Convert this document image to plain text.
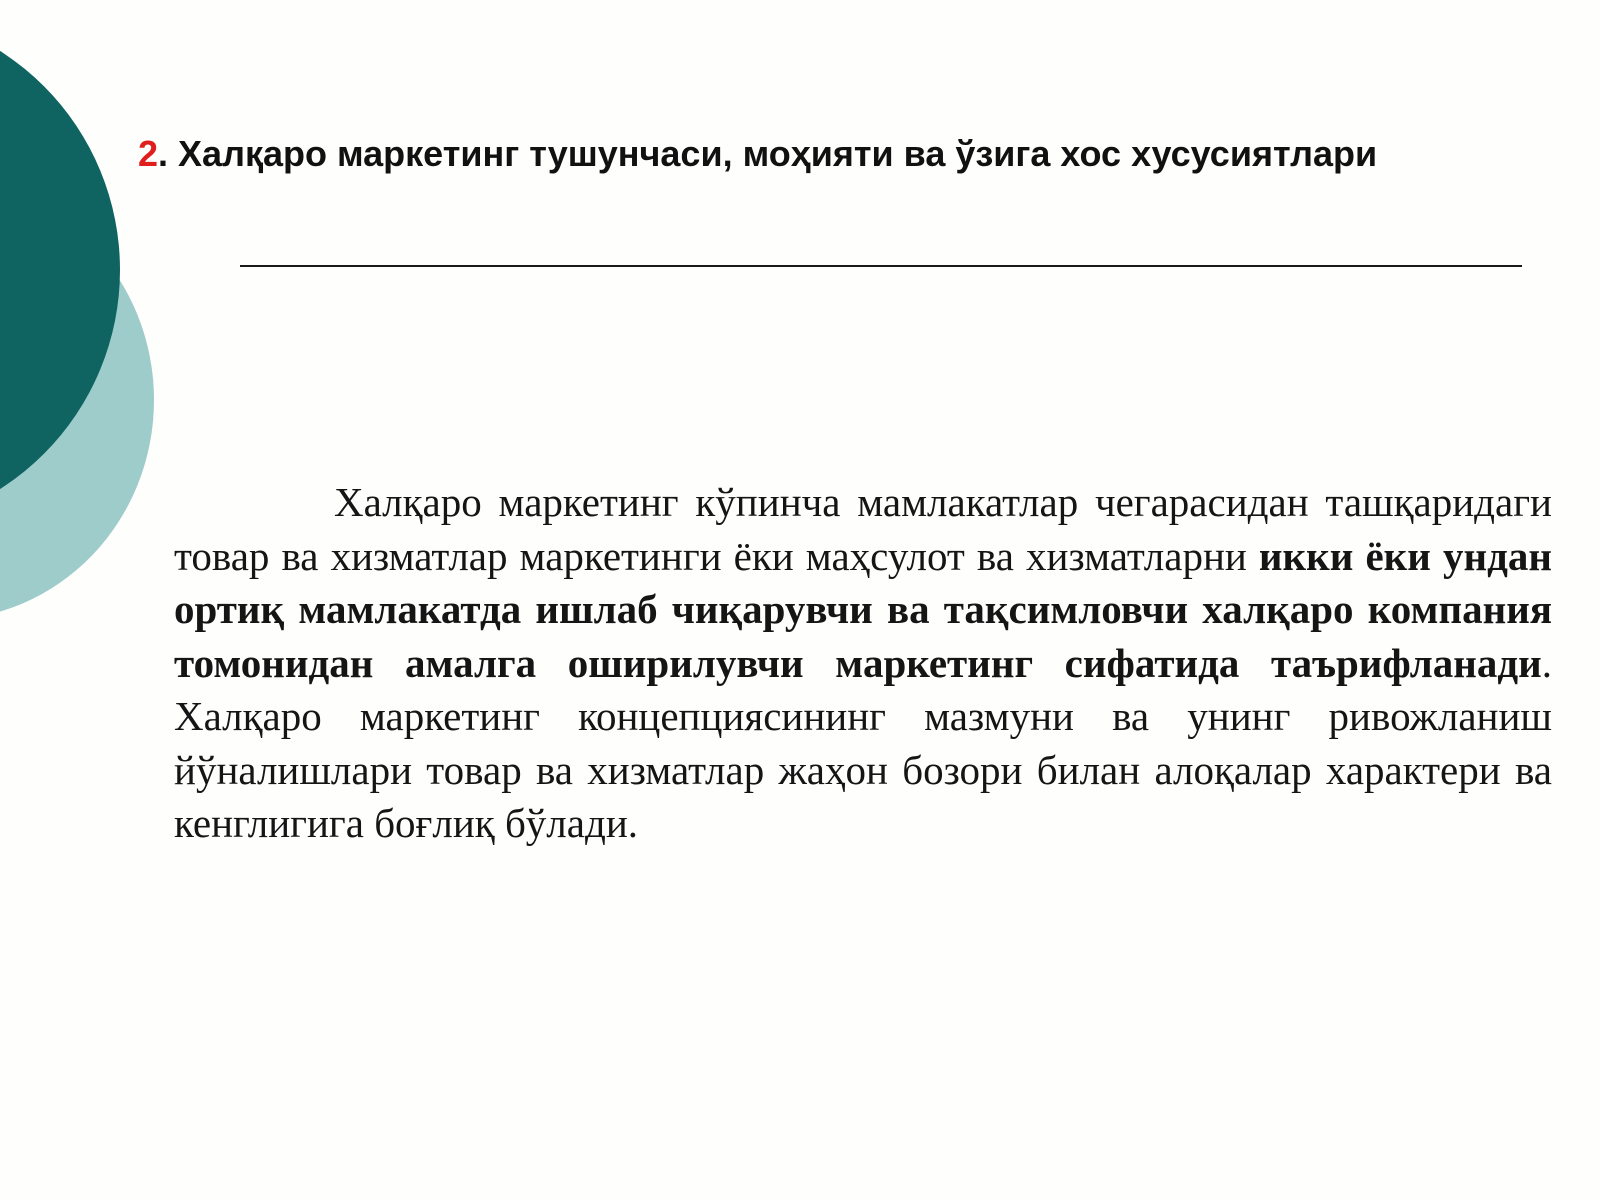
2. Халқаро маркетинг тушунчаси, моҳияти ва ўзига хос хусусиятлари

Халқаро маркетинг кўпинча мамлакатлар чегарасидан ташқаридаги товар ва хизматлар маркетинги ёки маҳсулот ва хизматларни икки ёки ундан ортиқ мамлакатда ишлаб чиқарувчи ва тақсимловчи халқаро компания томонидан амалга оширилувчи маркетинг сифатида таърифланади. Халқаро маркетинг концепциясининг мазмуни ва унинг ривожланиш йўналишлари товар ва хизматлар жаҳон бозори билан алоқалар характери ва кенглигига боғлиқ бўлади.
